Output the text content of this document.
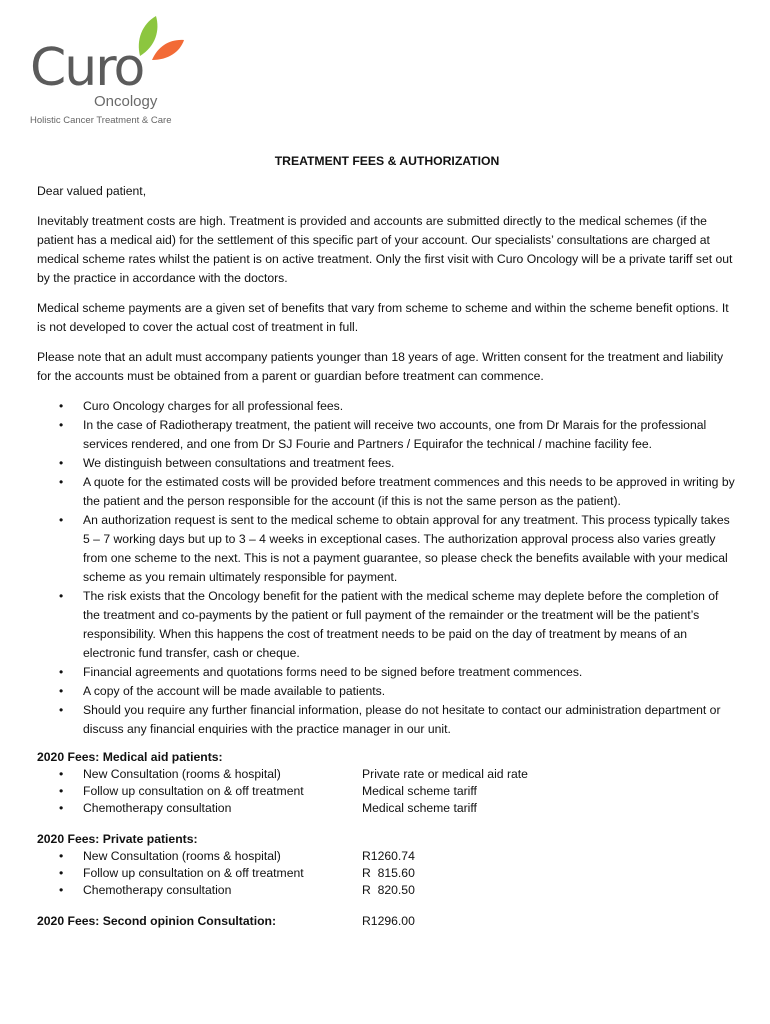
Curo
Oncology
Holistic Cancer Treatment & Care
TREATMENT FEES & AUTHORIZATION

Dear valued patient,

Inevitably treatment costs are high. Treatment is provided and accounts are submitted directly to the medical schemes (if the patient has a medical aid) for the settlement of this specific part of your account. Our specialists’ consultations are charged at medical scheme rates whilst the patient is on active treatment. Only the first visit with Curo Oncology will be a private tariff set out by the practice in accordance with the doctors.

Medical scheme payments are a given set of benefits that vary from scheme to scheme and within the scheme benefit options. It is not developed to cover the actual cost of treatment in full.

Please note that an adult must accompany patients younger than 18 years of age. Written consent for the treatment and liability for the accounts must be obtained from a parent or guardian before treatment can commence.

• Curo Oncology charges for all professional fees.
• In the case of Radiotherapy treatment, the patient will receive two accounts, one from Dr Marais for the professional services rendered, and one from Dr SJ Fourie and Partners / Equirafor the technical / machine facility fee.
• We distinguish between consultations and treatment fees.
• A quote for the estimated costs will be provided before treatment commences and this needs to be approved in writing by the patient and the person responsible for the account (if this is not the same person as the patient).
• An authorization request is sent to the medical scheme to obtain approval for any treatment. This process typically takes 5 – 7 working days but up to 3 – 4 weeks in exceptional cases. The authorization approval process also varies greatly from one scheme to the next. This is not a payment guarantee, so please check the benefits available with your medical scheme as you remain ultimately responsible for payment.
• The risk exists that the Oncology benefit for the patient with the medical scheme may deplete before the completion of the treatment and co-payments by the patient or full payment of the remainder or the treatment will be the patient’s responsibility. When this happens the cost of treatment needs to be paid on the day of treatment by means of an electronic fund transfer, cash or cheque.
• Financial agreements and quotations forms need to be signed before treatment commences.
• A copy of the account will be made available to patients.
• Should you require any further financial information, please do not hesitate to contact our administration department or discuss any financial enquiries with the practice manager in our unit.
2020 Fees: Medical aid patients:
• New Consultation (rooms & hospital)	Private rate or medical aid rate
• Follow up consultation on & off treatment	Medical scheme tariff
• Chemotherapy consultation	Medical scheme tariff
2020 Fees: Private patients:
• New Consultation (rooms & hospital)	R1260.74
• Follow up consultation on & off treatment	R  815.60
• Chemotherapy consultation	R  820.50
2020 Fees: Second opinion Consultation:	R1296.00
